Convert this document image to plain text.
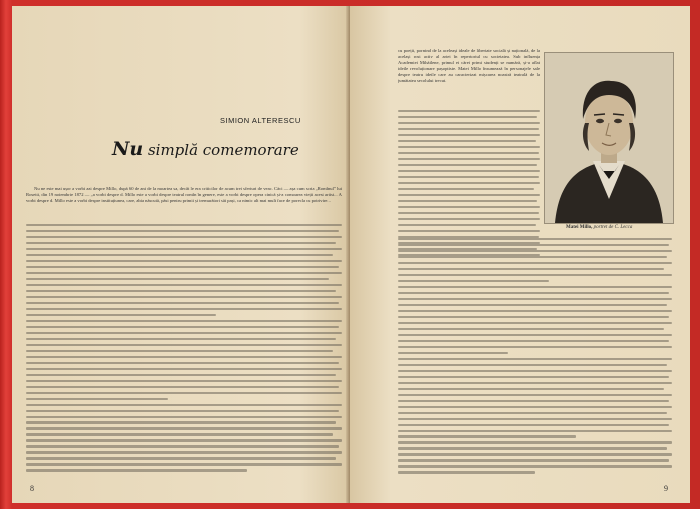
SIMION ALTERESCU
Nu simplă comemorare

Nu ne este mai ușor a vorbi azi despre Millo, după 60 de ani de la moartea sa, decât le era criticilor de acum trei sferturi de veac. Căci — așa cum scria „Romînul” lui Rosetti, din 19 noiembrie 1872 — „a vorbi despre d. Millo este a vorbi despre teatrul romîn în genere, este a vorbi despre opera cinică și-a comoarea vieții acest artist... A vorbi despre d. Millo este a vorbi despre instituțiunea, care, abia născută, păsi pentru primii și tremurători săi pași, ca nimic alt mai mult face de porecla cu potrivire...

8

cu poeții, pornind de la aceleași ideale de libertate socială și națională, de la același rost activ al artei în repertoriul cu societatea. Sub influența Academiei Mihăilene, primul ei cărei primi studenți se numără, și-a aflat ideile revoluționare pașoptiste. Matei Millo însumează în personajele sale despre teatru ideile care au caracterizat mișcarea noastră teatrală de la jumătatea secolului trecut.

Matei Millo, portret de C. Lecca
9
